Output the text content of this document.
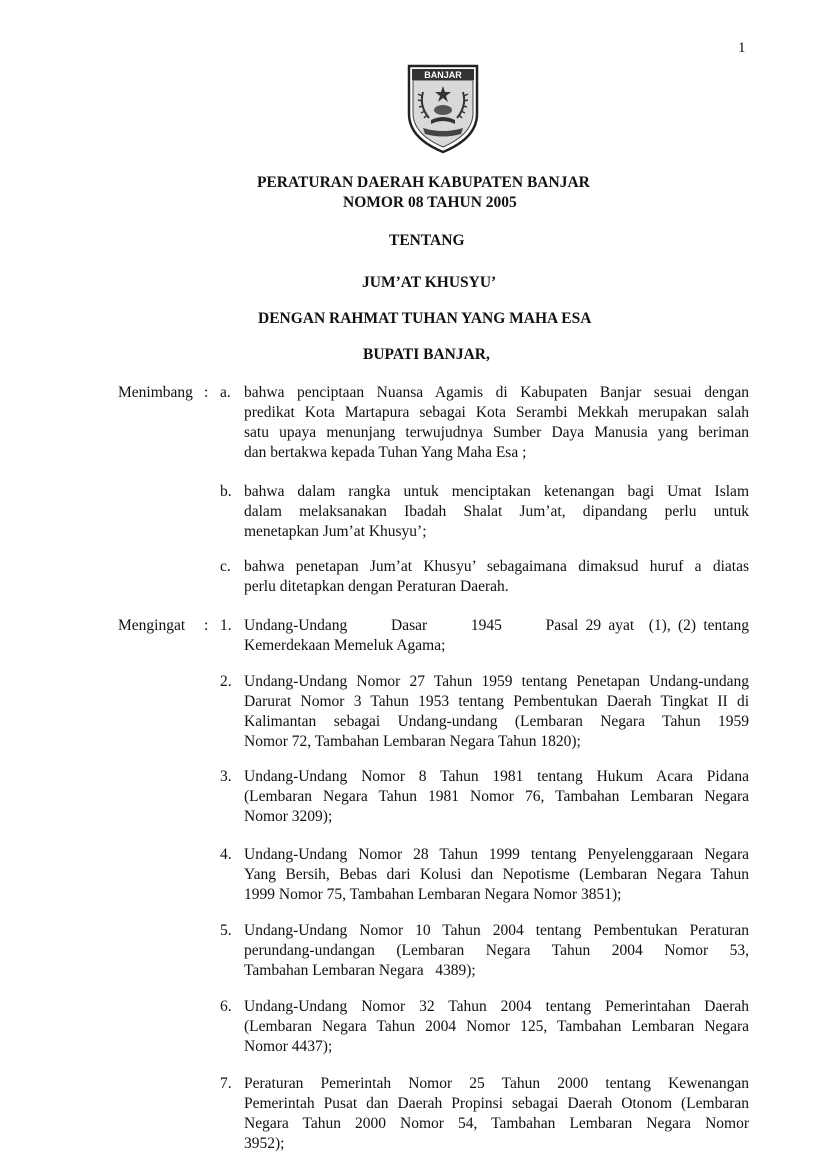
1
BANJAR
PERATURAN DAERAH KABUPATEN BANJAR
NOMOR 08 TAHUN 2005
TENTANG
JUM’AT KHUSYU’
DENGAN RAHMAT TUHAN YANG MAHA ESA
BUPATI BANJAR,
Menimbang : a. bahwa penciptaan Nuansa Agamis di Kabupaten Banjar sesuai dengan
predikat Kota Martapura sebagai Kota Serambi Mekkah merupakan salah
satu upaya menunjang terwujudnya Sumber Daya Manusia yang beriman
dan bertakwa kepada Tuhan Yang Maha Esa ;
b. bahwa dalam rangka untuk menciptakan ketenangan bagi Umat Islam
dalam melaksanakan Ibadah Shalat Jum’at, dipandang perlu untuk
menetapkan Jum’at Khusyu’;
c. bahwa penetapan Jum’at Khusyu’ sebagaimana dimaksud huruf a diatas
perlu ditetapkan dengan Peraturan Daerah.
Mengingat : 1. Undang-Undang      Dasar      1945      Pasal 29 ayat  (1), (2) tentang
Kemerdekaan Memeluk Agama;
2. Undang-Undang Nomor 27 Tahun 1959 tentang Penetapan Undang-undang
Darurat Nomor 3 Tahun 1953 tentang Pembentukan Daerah Tingkat II di
Kalimantan sebagai Undang-undang (Lembaran Negara Tahun 1959
Nomor 72, Tambahan Lembaran Negara Tahun 1820);
3. Undang-Undang Nomor 8 Tahun 1981 tentang Hukum Acara Pidana
(Lembaran Negara Tahun 1981 Nomor 76, Tambahan Lembaran Negara
Nomor 3209);
4. Undang-Undang Nomor 28 Tahun 1999 tentang Penyelenggaraan Negara
Yang Bersih, Bebas dari Kolusi dan Nepotisme (Lembaran Negara Tahun
1999 Nomor 75, Tambahan Lembaran Negara Nomor 3851);
5. Undang-Undang Nomor 10 Tahun 2004 tentang Pembentukan Peraturan
perundang-undangan (Lembaran Negara Tahun 2004 Nomor 53,
Tambahan Lembaran Negara   4389);
6. Undang-Undang Nomor 32 Tahun 2004 tentang Pemerintahan Daerah
(Lembaran Negara Tahun 2004 Nomor 125, Tambahan Lembaran Negara
Nomor 4437);
7. Peraturan Pemerintah Nomor 25 Tahun 2000 tentang Kewenangan
Pemerintah Pusat dan Daerah Propinsi sebagai Daerah Otonom (Lembaran
Negara Tahun 2000 Nomor 54, Tambahan Lembaran Negara Nomor
3952);
